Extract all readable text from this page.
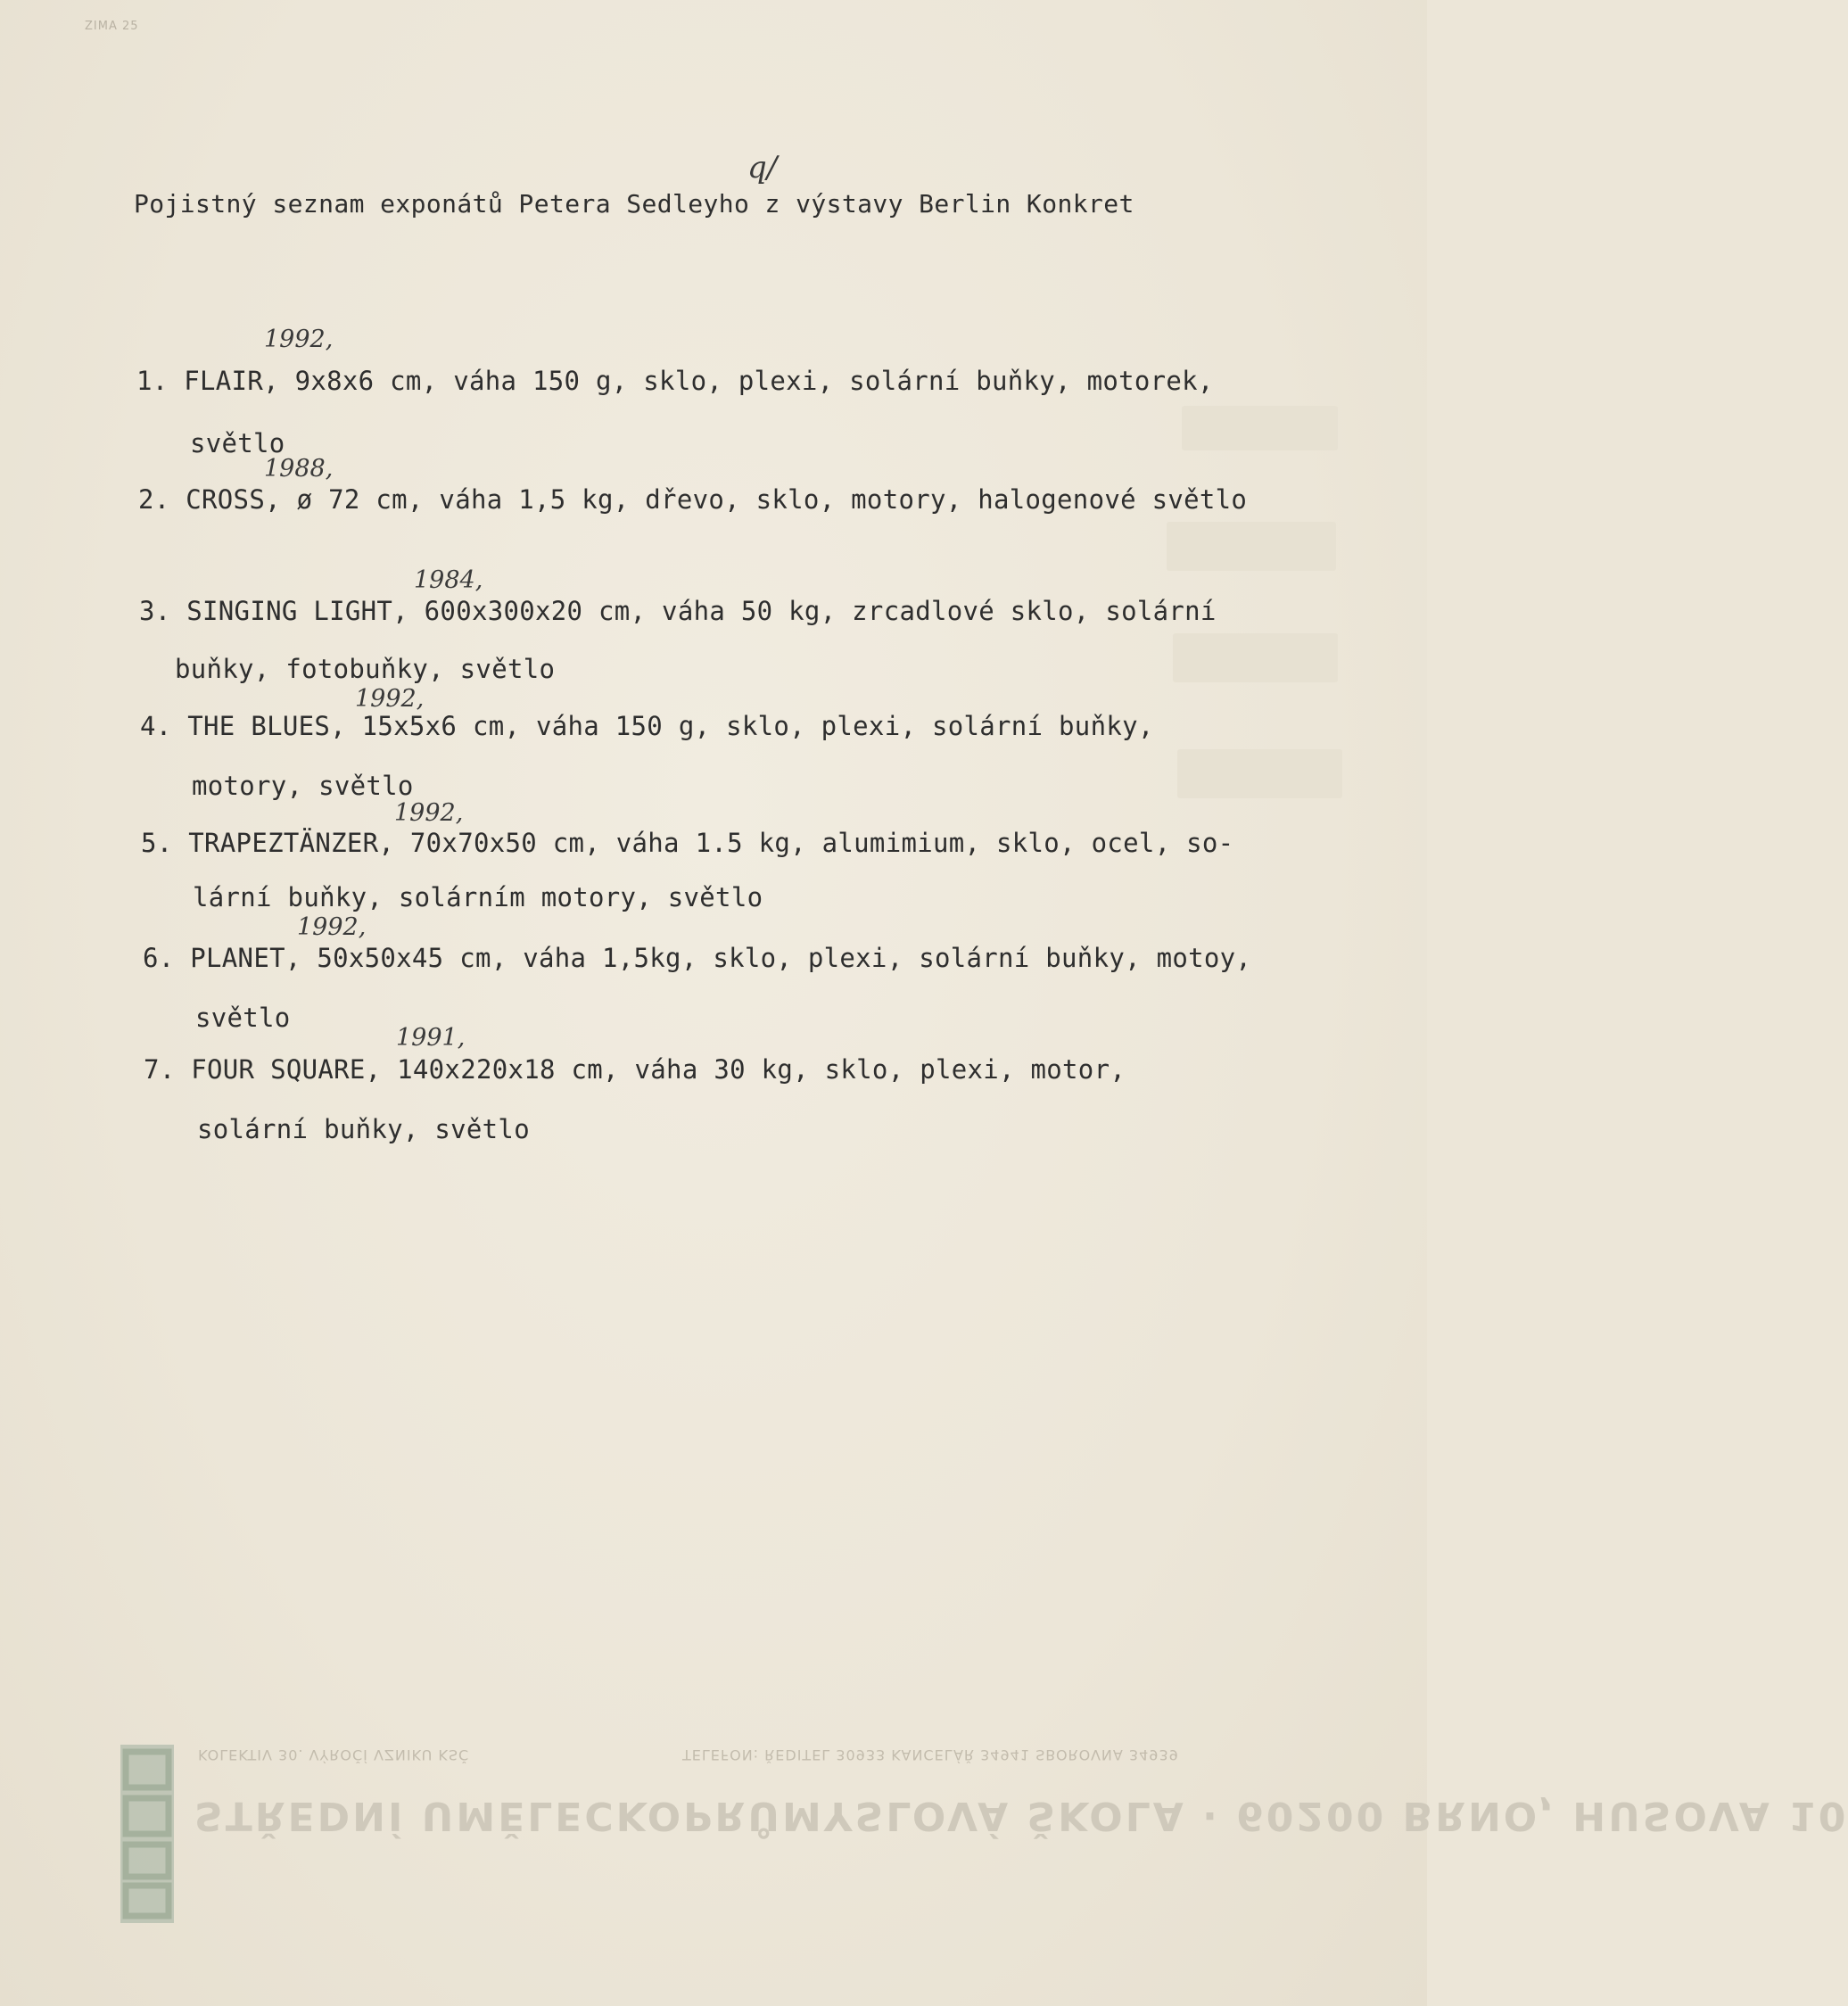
ZIMA 25
q/
Pojistný seznam exponátů Petera Sedleyho z výstavy Berlin Konkret
1992,
1. FLAIR, 9x8x6 cm, váha 150 g, sklo, plexi, solární buňky, motorek,
světlo
1988,
2. CROSS, ø 72 cm, váha 1,5 kg, dřevo, sklo, motory, halogenové světlo
1984,
3. SINGING LIGHT, 600x300x20 cm, váha 50 kg, zrcadlové sklo, solární
buňky, fotobuňky, světlo
1992,
4. THE BLUES, 15x5x6 cm, váha 150 g, sklo, plexi, solární buňky,
motory, světlo
1992,
5. TRAPEZTÄNZER, 70x70x50 cm, váha 1.5 kg, alumimium, sklo, ocel, so-
lární buňky, solárním motory, světlo
1992,
6. PLANET, 50x50x45 cm, váha 1,5kg, sklo, plexi, solární buňky, motoy,
světlo
1991,
7. FOUR SQUARE, 140x220x18 cm, váha 30 kg, sklo, plexi, motor,
solární buňky, světlo
KOLEKTIV 30. VÝROČÍ VZNIKU KSČ	TELEFON: ŘEDITEL 30933 KANCELÁŘ 34941 SBOROVNA 34939
STŘEDNÍ UMĚLECKOPRŮMYSLOVÁ ŠKOLA · 60200 BRNO, HUSOVA 10
